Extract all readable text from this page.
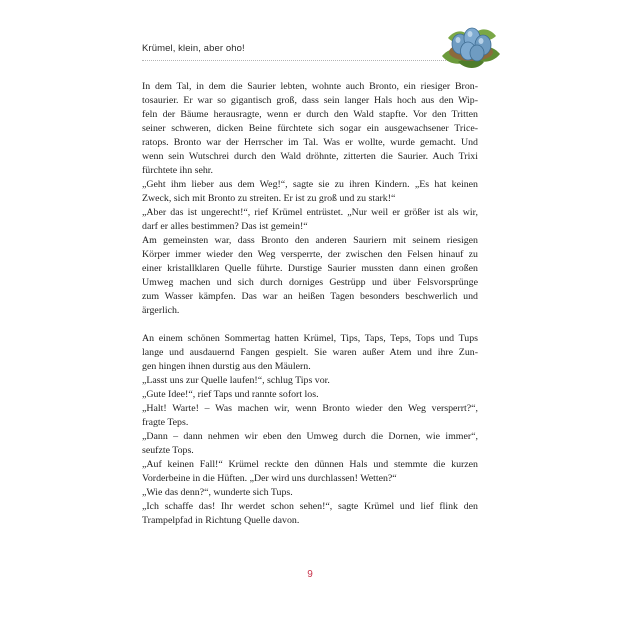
Krümel, klein, aber oho!
In dem Tal, in dem die Saurier lebten, wohnte auch Bronto, ein riesiger Bron-
tosaurier. Er war so gigantisch groß, dass sein langer Hals hoch aus den Wip-
feln der Bäume herausragte, wenn er durch den Wald stapfte. Vor den Tritten
seiner schweren, dicken Beine fürchtete sich sogar ein ausgewachsener Trice-
ratops. Bronto war der Herrscher im Tal. Was er wollte, wurde gemacht. Und
wenn sein Wutschrei durch den Wald dröhnte, zitterten die Saurier. Auch Trixi
fürchtete ihn sehr.
„Geht ihm lieber aus dem Weg!“, sagte sie zu ihren Kindern. „Es hat keinen
Zweck, sich mit Bronto zu streiten. Er ist zu groß und zu stark!“
„Aber das ist ungerecht!“, rief Krümel entrüstet. „Nur weil er größer ist als wir,
darf er alles bestimmen? Das ist gemein!“
Am gemeinsten war, dass Bronto den anderen Sauriern mit seinem riesigen
Körper immer wieder den Weg versperrte, der zwischen den Felsen hinauf zu
einer kristallklaren Quelle führte. Durstige Saurier mussten dann einen großen
Umweg machen und sich durch dorniges Gestrüpp und über Felsvorsprünge
zum Wasser kämpfen. Das war an heißen Tagen besonders beschwerlich und
ärgerlich.
An einem schönen Sommertag hatten Krümel, Tips, Taps, Teps, Tops und Tups
lange und ausdauernd Fangen gespielt. Sie waren außer Atem und ihre Zun-
gen hingen ihnen durstig aus den Mäulern.
„Lasst uns zur Quelle laufen!“, schlug Tips vor.
„Gute Idee!“, rief Taps und rannte sofort los.
„Halt! Warte! – Was machen wir, wenn Bronto wieder den Weg versperrt?“,
fragte Teps.
„Dann – dann nehmen wir eben den Umweg durch die Dornen, wie immer“,
seufzte Tops.
„Auf keinen Fall!“ Krümel reckte den dünnen Hals und stemmte die kurzen
Vorderbeine in die Hüften. „Der wird uns durchlassen! Wetten?“
„Wie das denn?“, wunderte sich Tups.
„Ich schaffe das! Ihr werdet schon sehen!“, sagte Krümel und lief flink den
Trampelpfad in Richtung Quelle davon.
9
